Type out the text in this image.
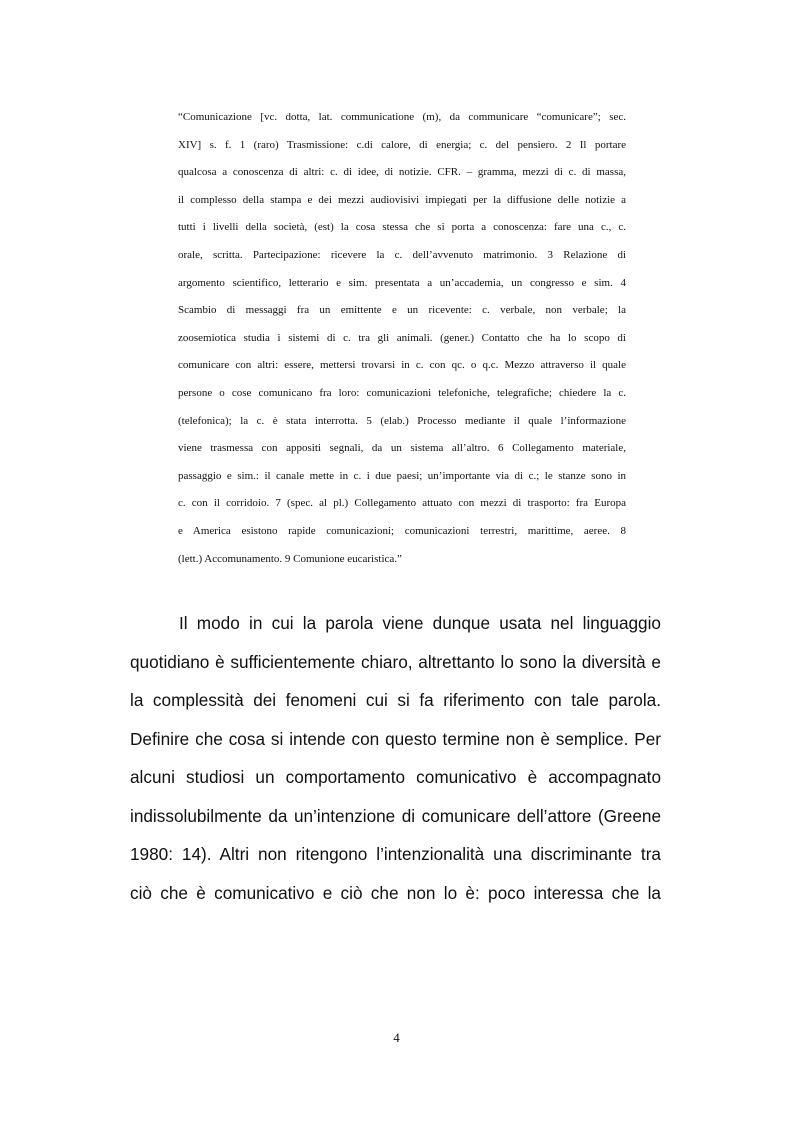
“Comunicazione [vc. dotta, lat. communicatione (m), da communicare “comunicare”; sec.
XIV] s. f. 1 (raro) Trasmissione: c.di calore, di energia; c. del pensiero. 2 Il portare
qualcosa a conoscenza di altri: c. di idee, di notizie. CFR. – gramma, mezzi di c. di massa,
il complesso della stampa e dei mezzi audiovisivi impiegati per la diffusione delle notizie a
tutti i livelli della società, (est) la cosa stessa che si porta a conoscenza: fare una c., c.
orale, scritta. Partecipazione: ricevere la c. dell’avvenuto matrimonio. 3 Relazione di
argomento scientifico, letterario e sim. presentata a un’accademia, un congresso e sim. 4
Scambio di messaggi fra un emittente e un ricevente: c. verbale, non verbale; la
zoosemiotica studia i sistemi di c. tra gli animali. (gener.) Contatto che ha lo scopo di
comunicare con altri: essere, mettersi trovarsi in c. con qc. o q.c. Mezzo attraverso il quale
persone o cose comunicano fra loro: comunicazioni telefoniche, telegrafiche; chiedere la c.
(telefonica); la c. è stata interrotta. 5 (elab.) Processo mediante il quale l’informazione
viene trasmessa con appositi segnali, da un sistema all’altro. 6 Collegamento materiale,
passaggio e sim.: il canale mette in c. i due paesi; un’importante via di c.; le stanze sono in
c. con il corridoio. 7 (spec. al pl.) Collegamento attuato con mezzi di trasporto: fra Europa
e America esistono rapide comunicazioni; comunicazioni terrestri, marittime, aeree. 8
(lett.) Accomunamento. 9 Comunione eucaristica.”
Il modo in cui la parola viene dunque usata nel linguaggio
quotidiano è sufficientemente chiaro, altrettanto lo sono la diversità e
la complessità dei fenomeni cui si fa riferimento con tale parola.
Definire che cosa si intende con questo termine non è semplice. Per
alcuni studiosi un comportamento comunicativo è accompagnato
indissolubilmente da un’intenzione di comunicare dell’attore (Greene
1980: 14). Altri non ritengono l’intenzionalità una discriminante tra
ciò che è comunicativo e ciò che non lo è: poco interessa che la
4
